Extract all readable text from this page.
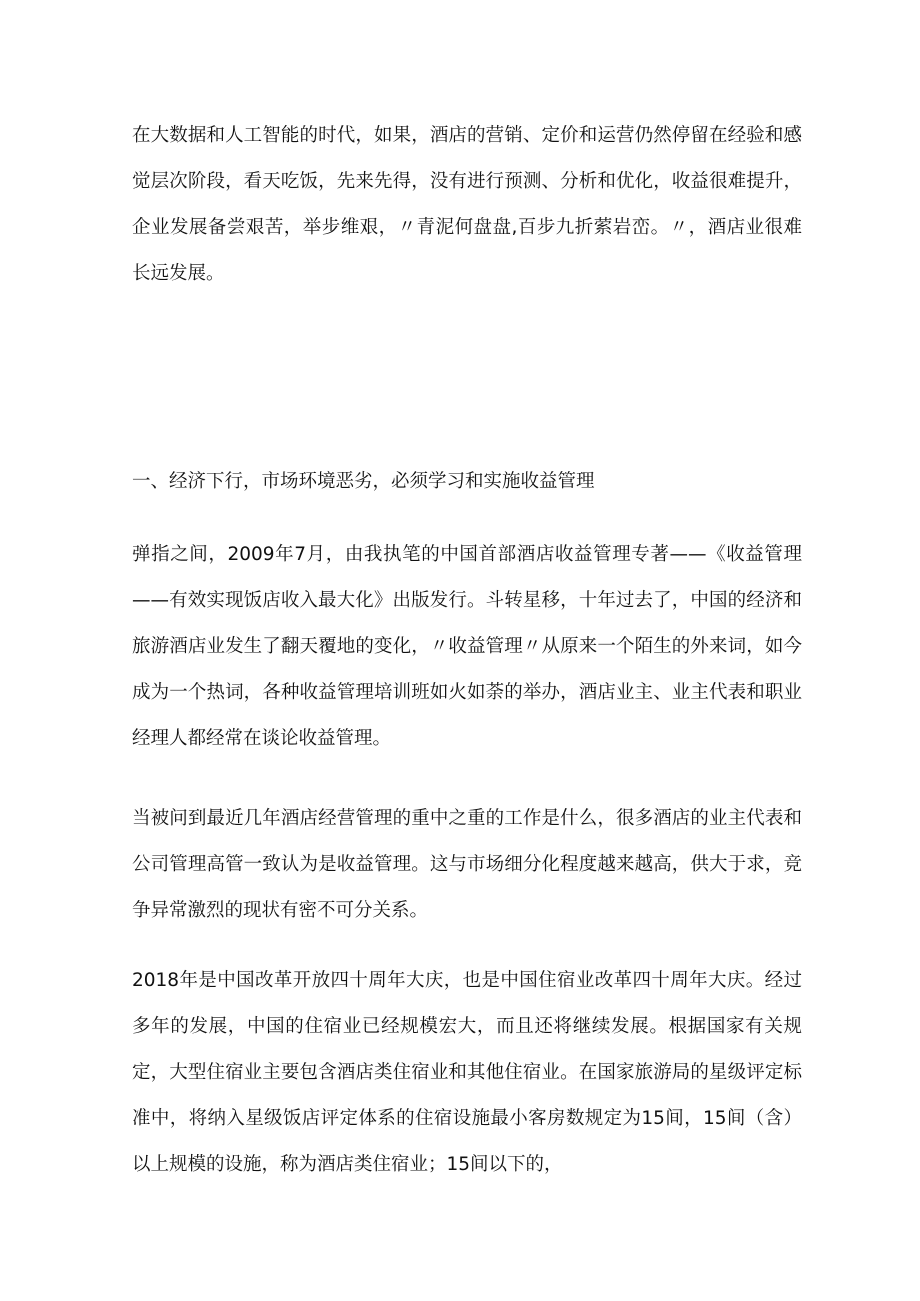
在大数据和人工智能的时代，如果，酒店的营销、定价和运营仍然停留在经验和感觉层次阶段，看天吃饭，先来先得，没有进行预测、分析和优化，收益很难提升，企业发展备尝艰苦，举步维艰，〃青泥何盘盘,百步九折萦岩峦。〃，酒店业很难长远发展。

一、经济下行，市场环境恶劣，必须学习和实施收益管理

弹指之间，2009年7月，由我执笔的中国首部酒店收益管理专著——《收益管理——有效实现饭店收入最大化》出版发行。斗转星移，十年过去了，中国的经济和旅游酒店业发生了翻天覆地的变化，〃收益管理〃从原来一个陌生的外来词，如今成为一个热词，各种收益管理培训班如火如荼的举办，酒店业主、业主代表和职业经理人都经常在谈论收益管理。

当被问到最近几年酒店经营管理的重中之重的工作是什么，很多酒店的业主代表和公司管理高管一致认为是收益管理。这与市场细分化程度越来越高，供大于求，竞争异常激烈的现状有密不可分关系。

2018年是中国改革开放四十周年大庆，也是中国住宿业改革四十周年大庆。经过多年的发展，中国的住宿业已经规模宏大，而且还将继续发展。根据国家有关规定，大型住宿业主要包含酒店类住宿业和其他住宿业。在国家旅游局的星级评定标准中，将纳入星级饭店评定体系的住宿设施最小客房数规定为15间，15间（含）以上规模的设施，称为酒店类住宿业；15间以下的，
